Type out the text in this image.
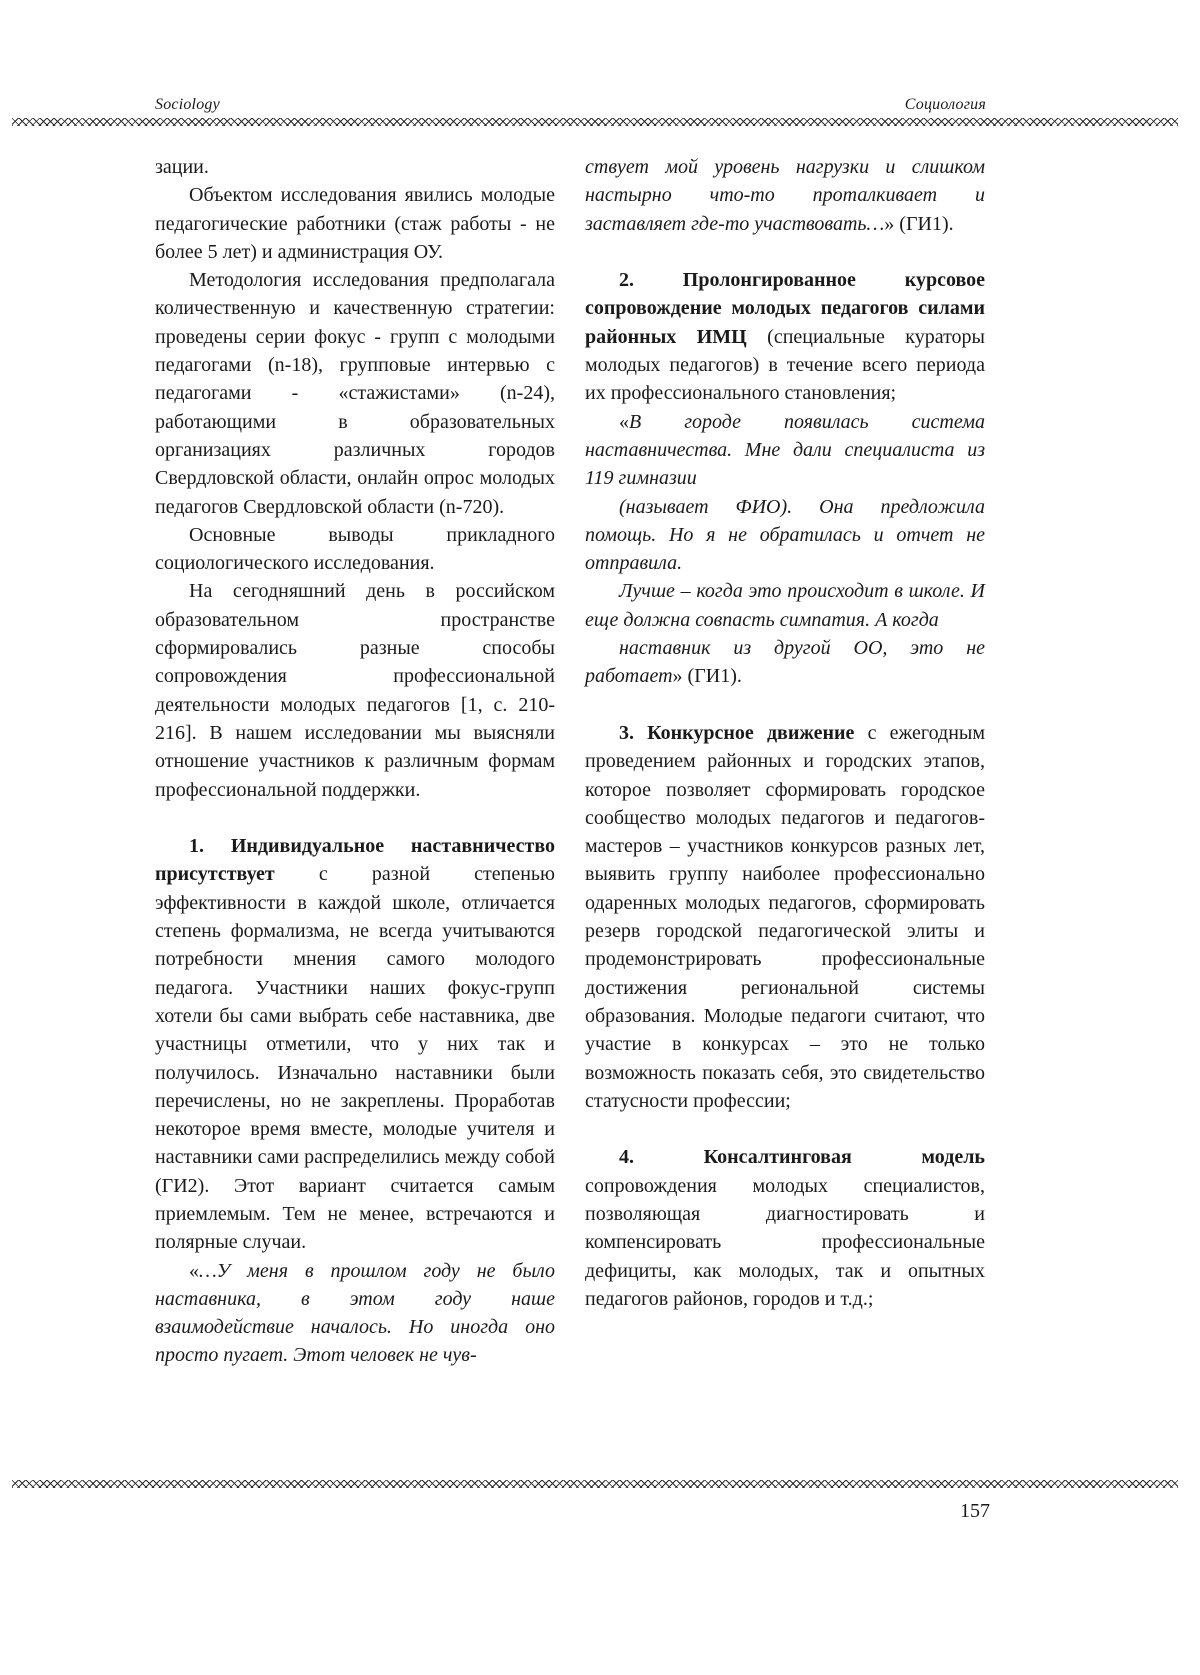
Sociology	Социология

зации.

Объектом исследования явились молодые педагогические работники (стаж работы - не более 5 лет) и администрация ОУ.

Методология исследования предполагала количественную и качественную стратегии: проведены серии фокус - групп с молодыми педагогами (n-18), групповые интервью с педагогами - «стажистами» (n-24), работающими в образовательных организациях различных городов Свердловской области, онлайн опрос молодых педагогов Свердловской области (n-720).

Основные выводы прикладного социологического исследования.

На сегодняшний день в российском образовательном пространстве сформировались разные способы сопровождения профессиональной деятельности молодых педагогов [1, с. 210-216]. В нашем исследовании мы выясняли отношение участников к различным формам профессиональной поддержки.

1. Индивидуальное наставничество присутствует с разной степенью эффективности в каждой школе, отличается степень формализма, не всегда учитываются потребности мнения самого молодого педагога. Участники наших фокус-групп хотели бы сами выбрать себе наставника, две участницы отметили, что у них так и получилось. Изначально наставники были перечислены, но не закреплены. Проработав некоторое время вместе, молодые учителя и наставники сами распределились между собой (ГИ2). Этот вариант считается самым приемлемым. Тем не менее, встречаются и полярные случаи.

«…У меня в прошлом году не было наставника, в этом году наше взаимодействие началось. Но иногда оно просто пугает. Этот человек не чув-

ствует мой уровень нагрузки и слишком настырно что-то проталкивает и заставляет где-то участвовать…» (ГИ1).

2. Пролонгированное курсовое сопровождение молодых педагогов силами районных ИМЦ (специальные кураторы молодых педагогов) в течение всего периода их профессионального становления;

«В городе появилась система наставничества. Мне дали специалиста из 119 гимназии

(называет ФИО). Она предложила помощь. Но я не обратилась и отчет не отправила.

Лучше – когда это происходит в школе. И еще должна совпасть симпатия. А когда

наставник из другой ОО, это не работает» (ГИ1).

3. Конкурсное движение с ежегодным проведением районных и городских этапов, которое позволяет сформировать городское сообщество молодых педагогов и педагогов-мастеров – участников конкурсов разных лет, выявить группу наиболее профессионально одаренных молодых педагогов, сформировать резерв городской педагогической элиты и продемонстрировать профессиональные достижения региональной системы образования. Молодые педагоги считают, что участие в конкурсах – это не только возможность показать себя, это свидетельство статусности профессии;

4. Консалтинговая модель сопровождения молодых специалистов, позволяющая диагностировать и компенсировать профессиональные дефициты, как молодых, так и опытных педагогов районов, городов и т.д.;

157
